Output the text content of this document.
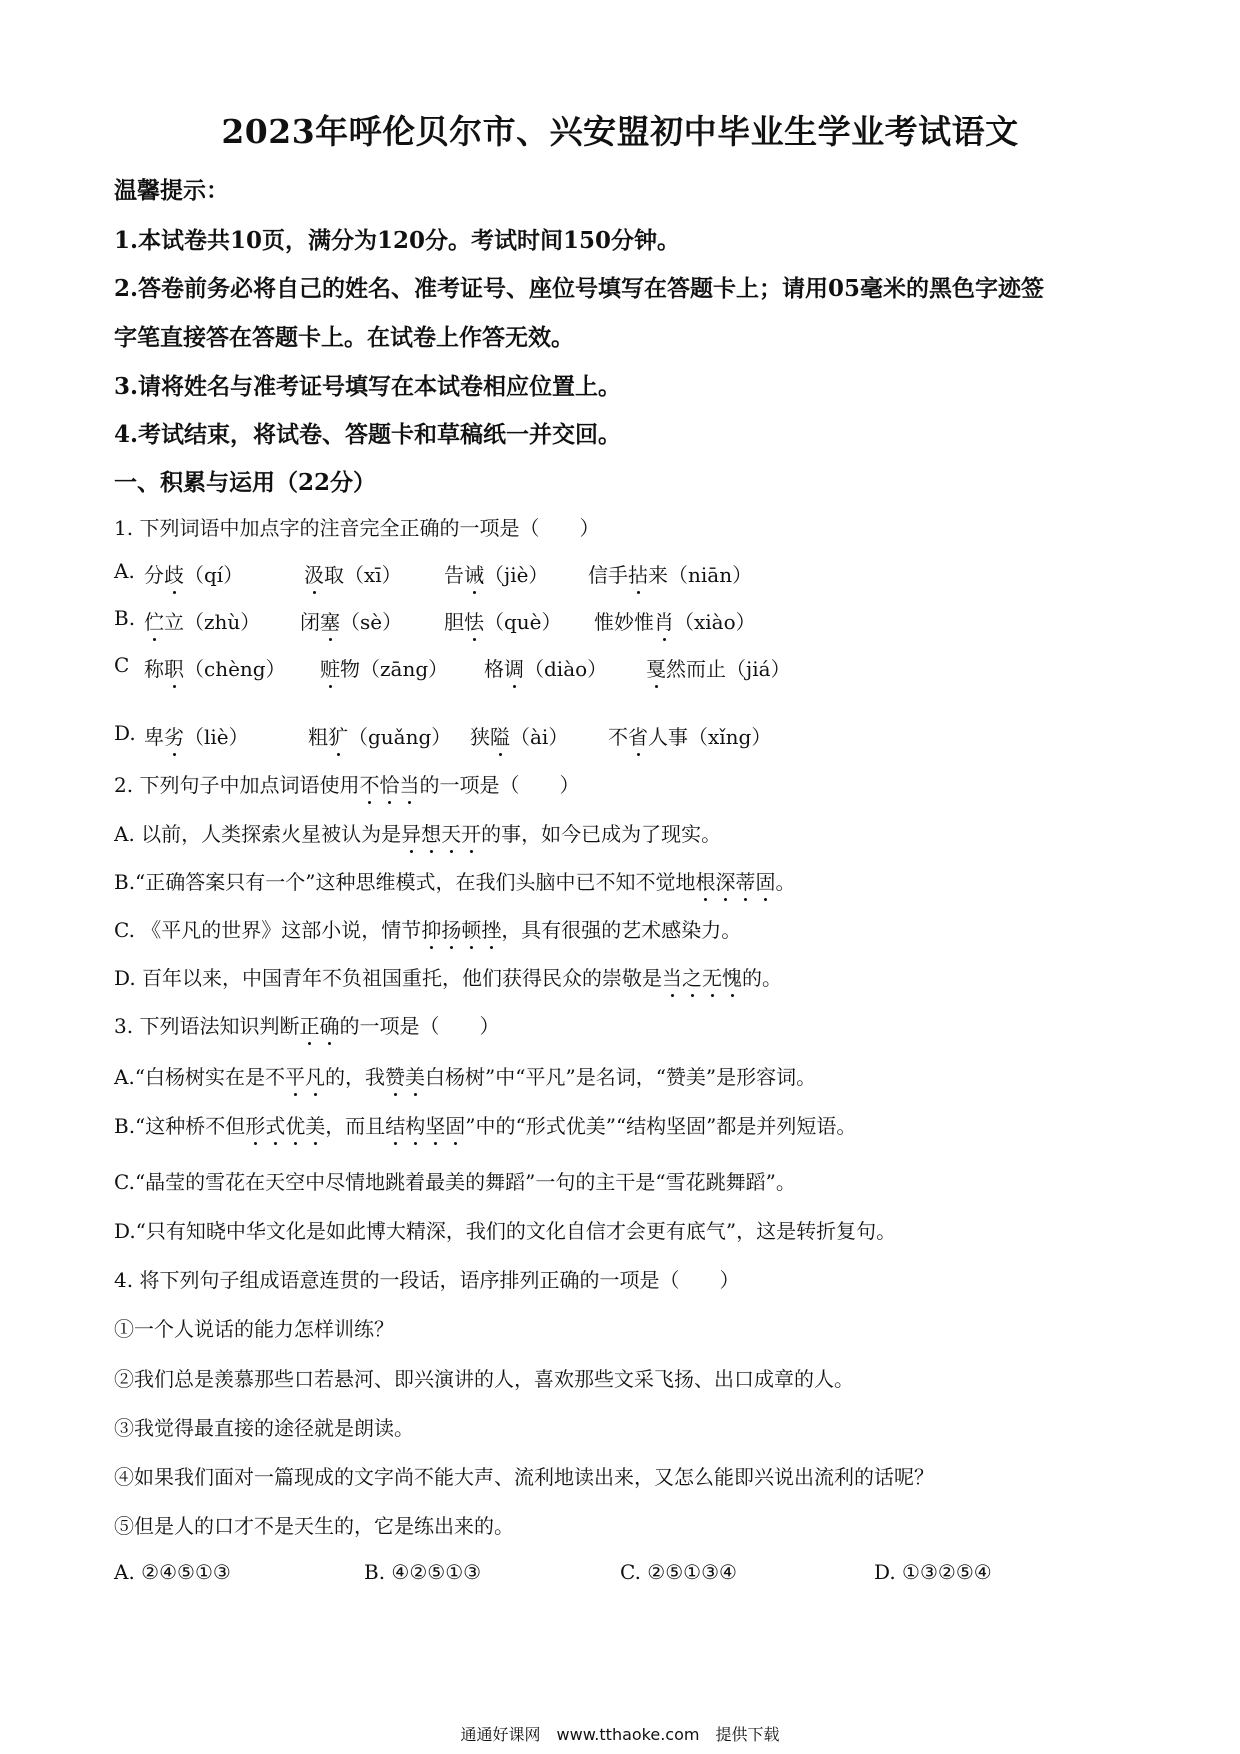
2023年呼伦贝尔市、兴安盟初中毕业生学业考试语文
温馨提示：
1.本试卷共10页，满分为120分。考试时间150分钟。
2.答卷前务必将自己的姓名、准考证号、座位号填写在答题卡上；请用05毫米的黑色字迹签
字笔直接答在答题卡上。在试卷上作答无效。
3.请将姓名与准考证号填写在本试卷相应位置上。
4.考试结束，将试卷、答题卡和草稿纸一并交回。
一、积累与运用（22分）
1. 下列词语中加点字的注音完全正确的一项是（　　）
A. 分歧（qí）	汲取（xī） 告诫（jiè） 信手拈来（niān）
B. 伫立（zhù） 闭塞（sè） 胆怯（què） 惟妙惟肖（xiào）
C 称职（chèng） 赃物（zāng） 格调（diào） 戛然而止（jiá）
D. 卑劣（liè）	粗犷（guǎng） 狭隘（ài） 不省人事（xǐng）
2. 下列句子中加点词语使用不恰当的一项是（　　）
A. 以前，人类探索火星被认为是异想天开的事，如今已成为了现实。
B.“正确答案只有一个”这种思维模式，在我们头脑中已不知不觉地根深蒂固。
C. 《平凡的世界》这部小说，情节抑扬顿挫，具有很强的艺术感染力。
D. 百年以来，中国青年不负祖国重托，他们获得民众的崇敬是当之无愧的。
3. 下列语法知识判断正确的一项是（　　）
A.“白杨树实在是不平凡的，我赞美白杨树”中“平凡”是名词，“赞美”是形容词。
B.“这种桥不但形式优美，而且结构坚固”中的“形式优美”“结构坚固”都是并列短语。
C.“晶莹的雪花在天空中尽情地跳着最美的舞蹈”一句的主干是“雪花跳舞蹈”。
D.“只有知晓中华文化是如此博大精深，我们的文化自信才会更有底气”，这是转折复句。
4. 将下列句子组成语意连贯的一段话，语序排列正确的一项是（　　）
①一个人说话的能力怎样训练？
②我们总是羡慕那些口若悬河、即兴演讲的人，喜欢那些文采飞扬、出口成章的人。
③我觉得最直接的途径就是朗读。
④如果我们面对一篇现成的文字尚不能大声、流利地读出来，又怎么能即兴说出流利的话呢？
⑤但是人的口才不是天生的，它是练出来的。
A. ②④⑤①③	B. ④②⑤①③	C. ②⑤①③④	D. ①③②⑤④
通通好课网　www.tthaoke.com　提供下载
